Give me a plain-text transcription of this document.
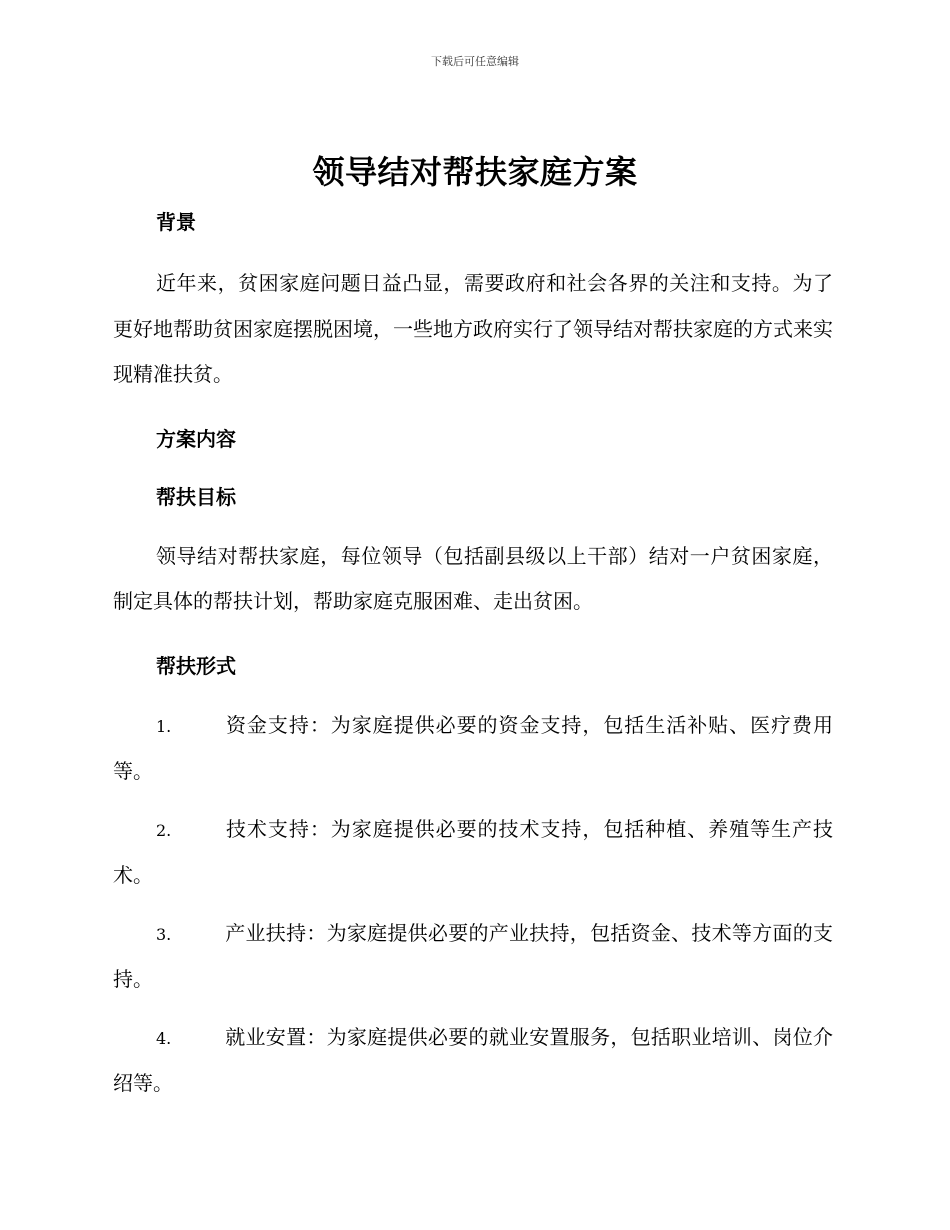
下载后可任意编辑
领导结对帮扶家庭方案

背景

近年来，贫困家庭问题日益凸显，需要政府和社会各界的关注和支持。为了更好地帮助贫困家庭摆脱困境，一些地方政府实行了领导结对帮扶家庭的方式来实现精准扶贫。

方案内容

帮扶目标

领导结对帮扶家庭，每位领导（包括副县级以上干部）结对一户贫困家庭，制定具体的帮扶计划，帮助家庭克服困难、走出贫困。

帮扶形式

1.	资金支持：为家庭提供必要的资金支持，包括生活补贴、医疗费用等。

2.	技术支持：为家庭提供必要的技术支持，包括种植、养殖等生产技术。

3.	产业扶持：为家庭提供必要的产业扶持，包括资金、技术等方面的支持。

4.	就业安置：为家庭提供必要的就业安置服务，包括职业培训、岗位介绍等。
